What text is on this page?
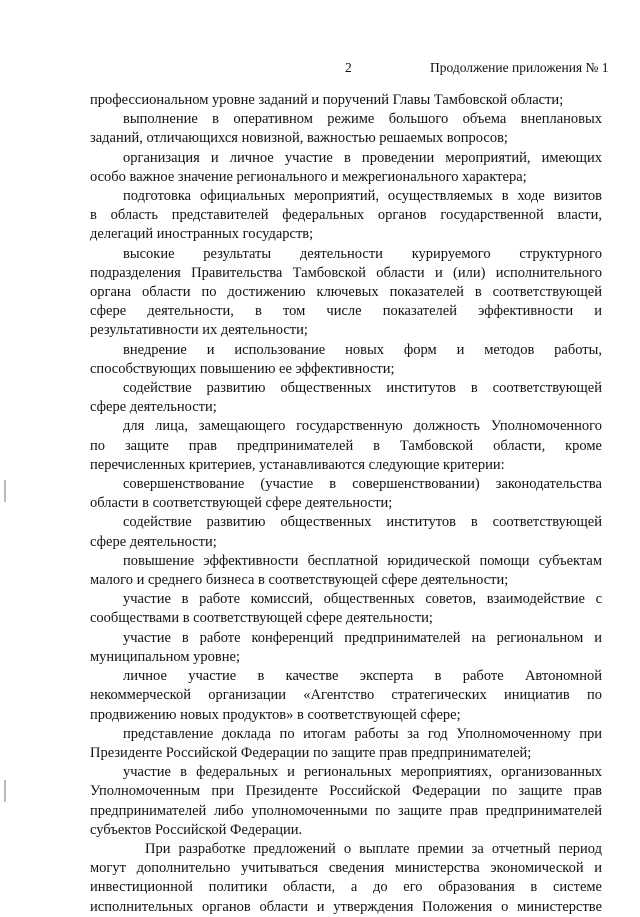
2	Продолжение приложения № 1

профессиональном уровне заданий и поручений Главы Тамбовской области;

выполнение в оперативном режиме большого объема внеплановых
заданий, отличающихся новизной, важностью решаемых вопросов;

организация и личное участие в проведении мероприятий, имеющих
особо важное значение регионального и межрегионального характера;

подготовка официальных мероприятий, осуществляемых в ходе визитов
в область представителей федеральных органов государственной власти,
делегаций иностранных государств;

высокие результаты деятельности курируемого структурного
подразделения Правительства Тамбовской области и (или) исполнительного
органа области по достижению ключевых показателей в соответствующей
сфере деятельности, в том числе показателей эффективности и
результативности их деятельности;

внедрение и использование новых форм и методов работы,
способствующих повышению ее эффективности;

содействие развитию общественных институтов в соответствующей
сфере деятельности;

для лица, замещающего государственную должность Уполномоченного
по защите прав предпринимателей в Тамбовской области, кроме
перечисленных критериев, устанавливаются следующие критерии:

совершенствование (участие в совершенствовании) законодательства
области в соответствующей сфере деятельности;

содействие развитию общественных институтов в соответствующей
сфере деятельности;

повышение эффективности бесплатной юридической помощи субъектам
малого и среднего бизнеса в соответствующей сфере деятельности;

участие в работе комиссий, общественных советов, взаимодействие с
сообществами в соответствующей сфере деятельности;

участие в работе конференций предпринимателей на региональном и
муниципальном уровне;

личное участие в качестве эксперта в работе Автономной
некоммерческой организации «Агентство стратегических инициатив по
продвижению новых продуктов» в соответствующей сфере;

представление доклада по итогам работы за год Уполномоченному при
Президенте Российской Федерации по защите прав предпринимателей;

участие в федеральных и региональных мероприятиях, организованных
Уполномоченным при Президенте Российской Федерации по защите прав
предпринимателей либо уполномоченными по защите прав предпринимателей
субъектов Российской Федерации.

При разработке предложений о выплате премии за отчетный период
могут дополнительно учитываться сведения министерства экономической и
инвестиционной политики области, а до его образования в системе
исполнительных органов области и утверждения Положения о министерстве
